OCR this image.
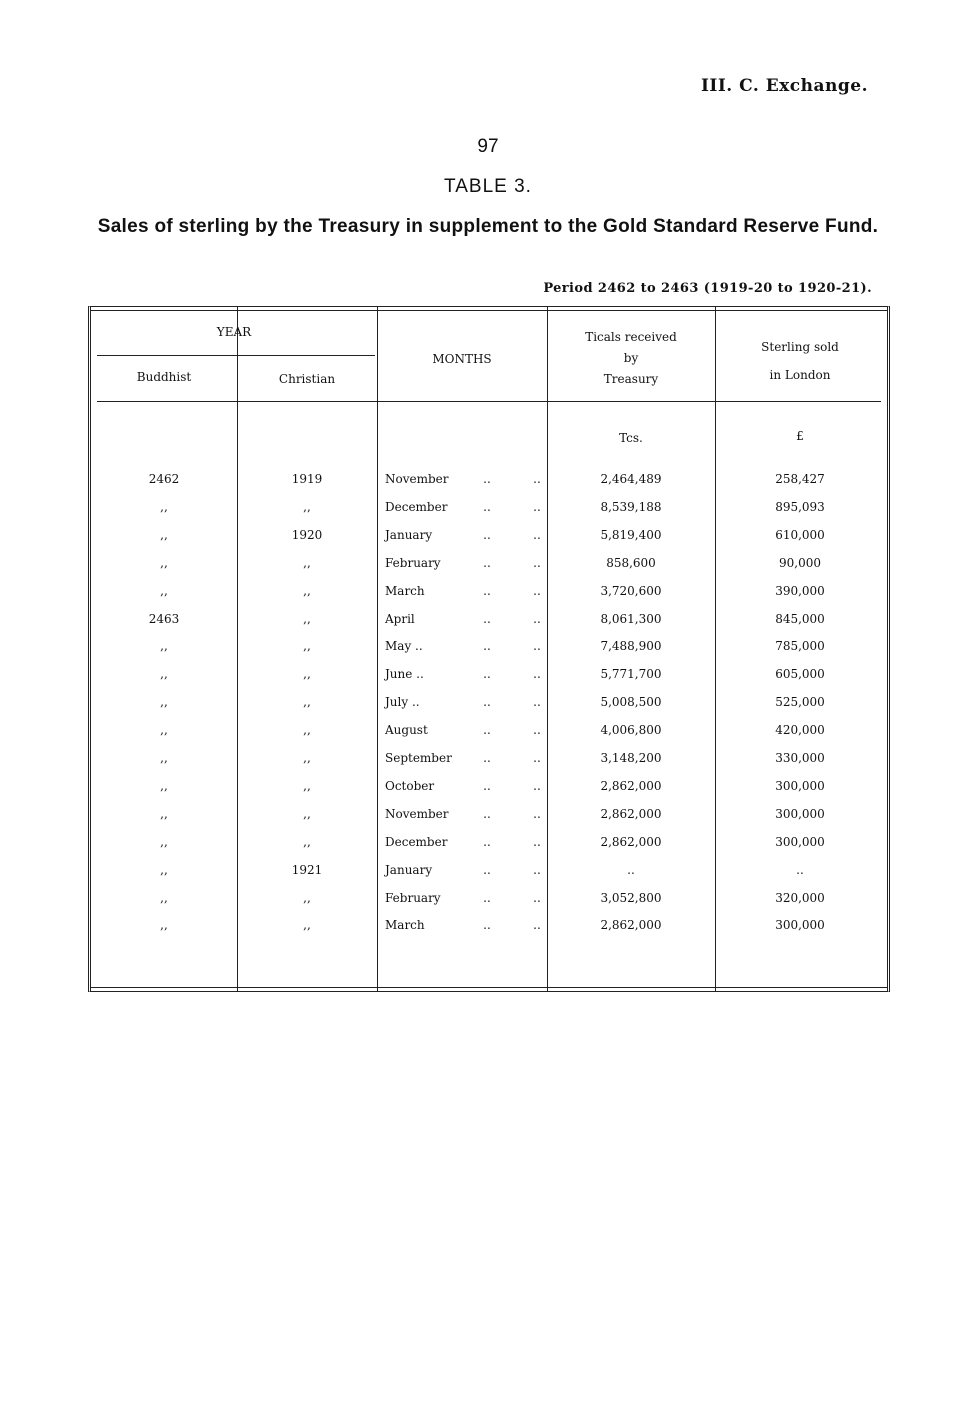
III. C. Exchange.
97
TABLE 3.
Sales of sterling by the Treasury in supplement to the Gold Standard Reserve Fund.
Period 2462 to 2463 (1919-20 to 1920-21).
YEAR
Buddhist	Christian
MONTHS
Ticals received
by
Treasury
Sterling sold
in London
Tcs.	£
2462	1919	November	..	..	2,464,489	258,427
,,	,,	December	..	..	8,539,188	895,093
,,	1920	January	..	..	5,819,400	610,000
,,	,,	February	..	..	858,600	90,000
,,	,,	March	..	..	3,720,600	390,000
2463	,,	April	..	..	8,061,300	845,000
,,	,,	May ..	..	..	7,488,900	785,000
,,	,,	June ..	..	..	5,771,700	605,000
,,	,,	July ..	..	..	5,008,500	525,000
,,	,,	August	..	..	4,006,800	420,000
,,	,,	September	..	..	3,148,200	330,000
,,	,,	October	..	..	2,862,000	300,000
,,	,,	November	..	..	2,862,000	300,000
,,	,,	December	..	..	2,862,000	300,000
,,	1921	January	..	..	..	..
,,	,,	February	..	..	3,052,800	320,000
,,	,,	March	..	..	2,862,000	300,000
